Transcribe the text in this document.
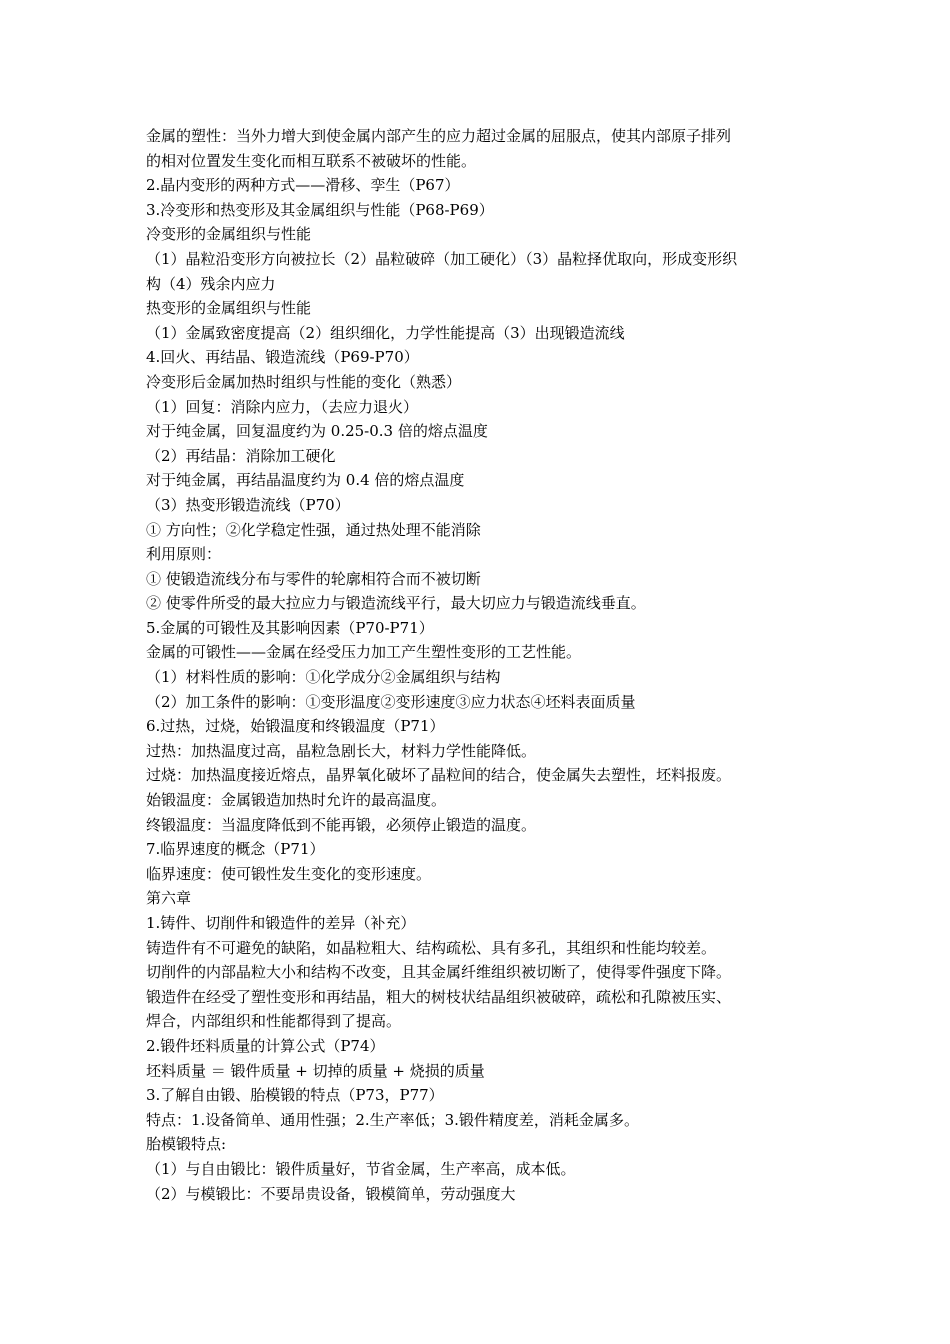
金属的塑性：当外力增大到使金属内部产生的应力超过金属的屈服点，使其内部原子排列
的相对位置发生变化而相互联系不被破坏的性能。
2.晶内变形的两种方式——滑移、孪生（P67）
3.冷变形和热变形及其金属组织与性能（P68-P69）
冷变形的金属组织与性能
（1）晶粒沿变形方向被拉长（2）晶粒破碎（加工硬化）（3）晶粒择优取向，形成变形织
构（4）残余内应力
热变形的金属组织与性能
（1）金属致密度提高（2）组织细化，力学性能提高（3）出现锻造流线
4.回火、再结晶、锻造流线（P69-P70）
冷变形后金属加热时组织与性能的变化（熟悉）
（1）回复：消除内应力，（去应力退火）
对于纯金属，回复温度约为 0.25-0.3 倍的熔点温度
（2）再结晶：消除加工硬化
对于纯金属，再结晶温度约为 0.4 倍的熔点温度
（3）热变形锻造流线（P70）
① 方向性；②化学稳定性强，通过热处理不能消除
利用原则：
① 使锻造流线分布与零件的轮廓相符合而不被切断
② 使零件所受的最大拉应力与锻造流线平行，最大切应力与锻造流线垂直。
5.金属的可锻性及其影响因素（P70-P71）
金属的可锻性——金属在经受压力加工产生塑性变形的工艺性能。
（1）材料性质的影响：①化学成分②金属组织与结构
（2）加工条件的影响：①变形温度②变形速度③应力状态④坯料表面质量
6.过热，过烧，始锻温度和终锻温度（P71）
过热：加热温度过高，晶粒急剧长大，材料力学性能降低。
过烧：加热温度接近熔点，晶界氧化破坏了晶粒间的结合，使金属失去塑性，坯料报废。
始锻温度：金属锻造加热时允许的最高温度。
终锻温度：当温度降低到不能再锻，必须停止锻造的温度。
7.临界速度的概念（P71）
临界速度：使可锻性发生变化的变形速度。
第六章
1.铸件、切削件和锻造件的差异（补充）
铸造件有不可避免的缺陷，如晶粒粗大、结构疏松、具有多孔，其组织和性能均较差。
切削件的内部晶粒大小和结构不改变，且其金属纤维组织被切断了，使得零件强度下降。
锻造件在经受了塑性变形和再结晶，粗大的树枝状结晶组织被破碎，疏松和孔隙被压实、
焊合，内部组织和性能都得到了提高。
2.锻件坯料质量的计算公式（P74）
坯料质量 ＝ 锻件质量 + 切掉的质量 + 烧损的质量
3.了解自由锻、胎模锻的特点（P73，P77）
特点：1.设备简单、通用性强；2.生产率低；3.锻件精度差，消耗金属多。
胎模锻特点:
（1）与自由锻比：锻件质量好，节省金属，生产率高，成本低。
（2）与模锻比：不要昂贵设备，锻模简单，劳动强度大
